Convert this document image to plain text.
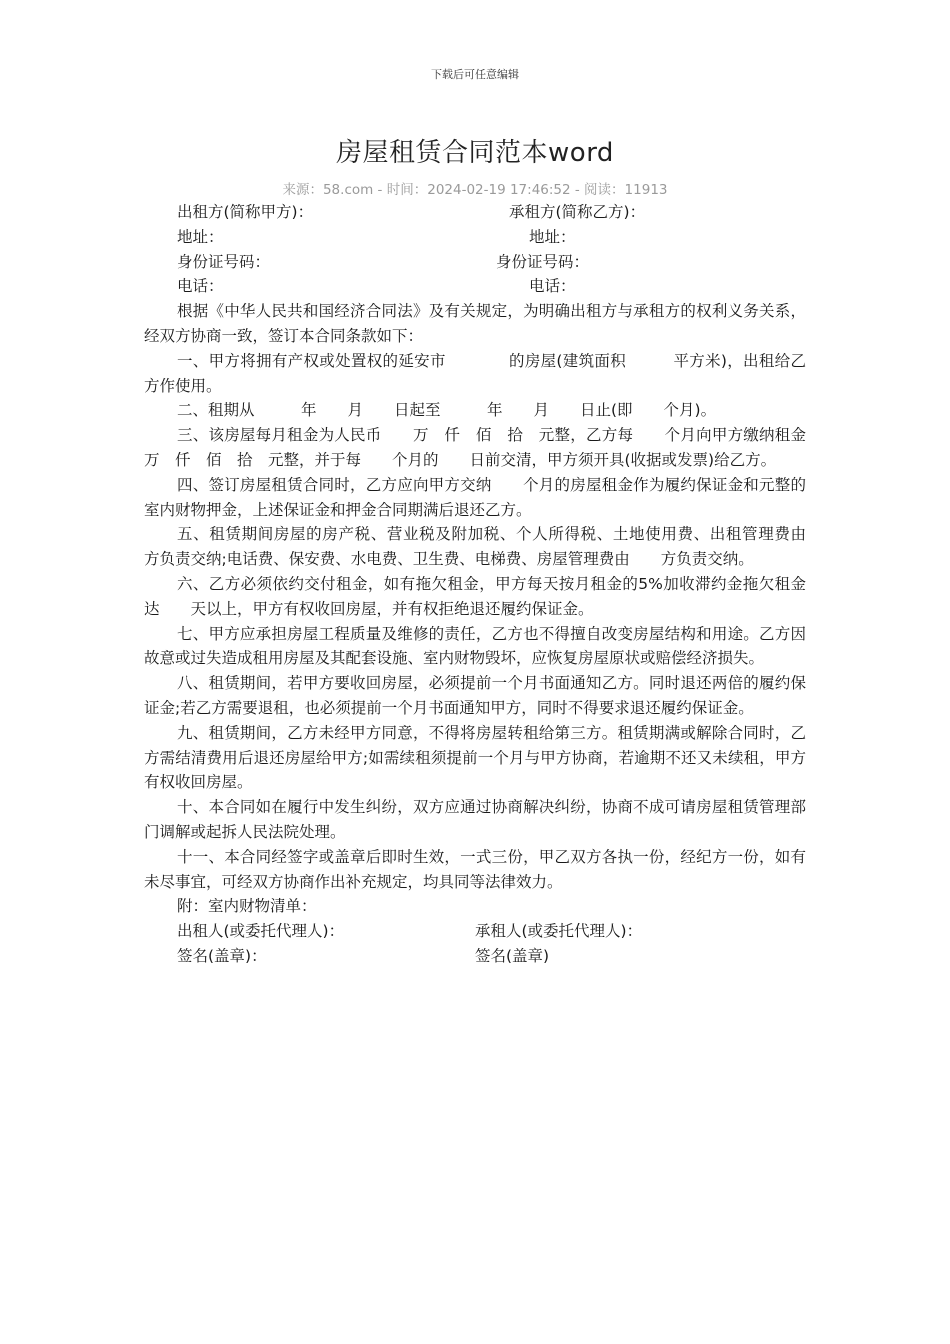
下载后可任意编辑
房屋租赁合同范本word
来源：58.com - 时间：2024-02-19 17:46:52 - 阅读：11913
出租方(简称甲方)：	承租方(简称乙方)：
地址：	地址：
身份证号码：	身份证号码：
电话：	电话：

根据《中华人民共和国经济合同法》及有关规定，为明确出租方与承租方的权利义务关系，经双方协商一致，签订本合同条款如下：

一、甲方将拥有产权或处置权的延安市　　　　的房屋(建筑面积　　　平方米)，出租给乙方作使用。

二、租期从　　　年　　月　　日起至　　　年　　月　　日止(即　　个月)。

三、该房屋每月租金为人民币　　万　仟　佰　拾　元整，乙方每　　个月向甲方缴纳租金　　万　仟　佰　拾　元整，并于每　　个月的　　日前交清，甲方须开具(收据或发票)给乙方。

四、签订房屋租赁合同时，乙方应向甲方交纳　　个月的房屋租金作为履约保证金和元整的室内财物押金，上述保证金和押金合同期满后退还乙方。

五、租赁期间房屋的房产税、营业税及附加税、个人所得税、土地使用费、出租管理费由　　方负责交纳;电话费、保安费、水电费、卫生费、电梯费、房屋管理费由　　方负责交纳。

六、乙方必须依约交付租金，如有拖欠租金，甲方每天按月租金的5%加收滞约金拖欠租金达　　天以上，甲方有权收回房屋，并有权拒绝退还履约保证金。

七、甲方应承担房屋工程质量及维修的责任，乙方也不得擅自改变房屋结构和用途。乙方因故意或过失造成租用房屋及其配套设施、室内财物毁坏，应恢复房屋原状或赔偿经济损失。

八、租赁期间，若甲方要收回房屋，必须提前一个月书面通知乙方。同时退还两倍的履约保证金;若乙方需要退租，也必须提前一个月书面通知甲方，同时不得要求退还履约保证金。

九、租赁期间，乙方未经甲方同意，不得将房屋转租给第三方。租赁期满或解除合同时，乙方需结清费用后退还房屋给甲方;如需续租须提前一个月与甲方协商，若逾期不还又未续租，甲方有权收回房屋。

十、本合同如在履行中发生纠纷，双方应通过协商解决纠纷，协商不成可请房屋租赁管理部门调解或起拆人民法院处理。

十一、本合同经签字或盖章后即时生效，一式三份，甲乙双方各执一份，经纪方一份，如有未尽事宜，可经双方协商作出补充规定，均具同等法律效力。

附：室内财物清单：

出租人(或委托代理人)：	承租人(或委托代理人)：
签名(盖章)：	签名(盖章)
